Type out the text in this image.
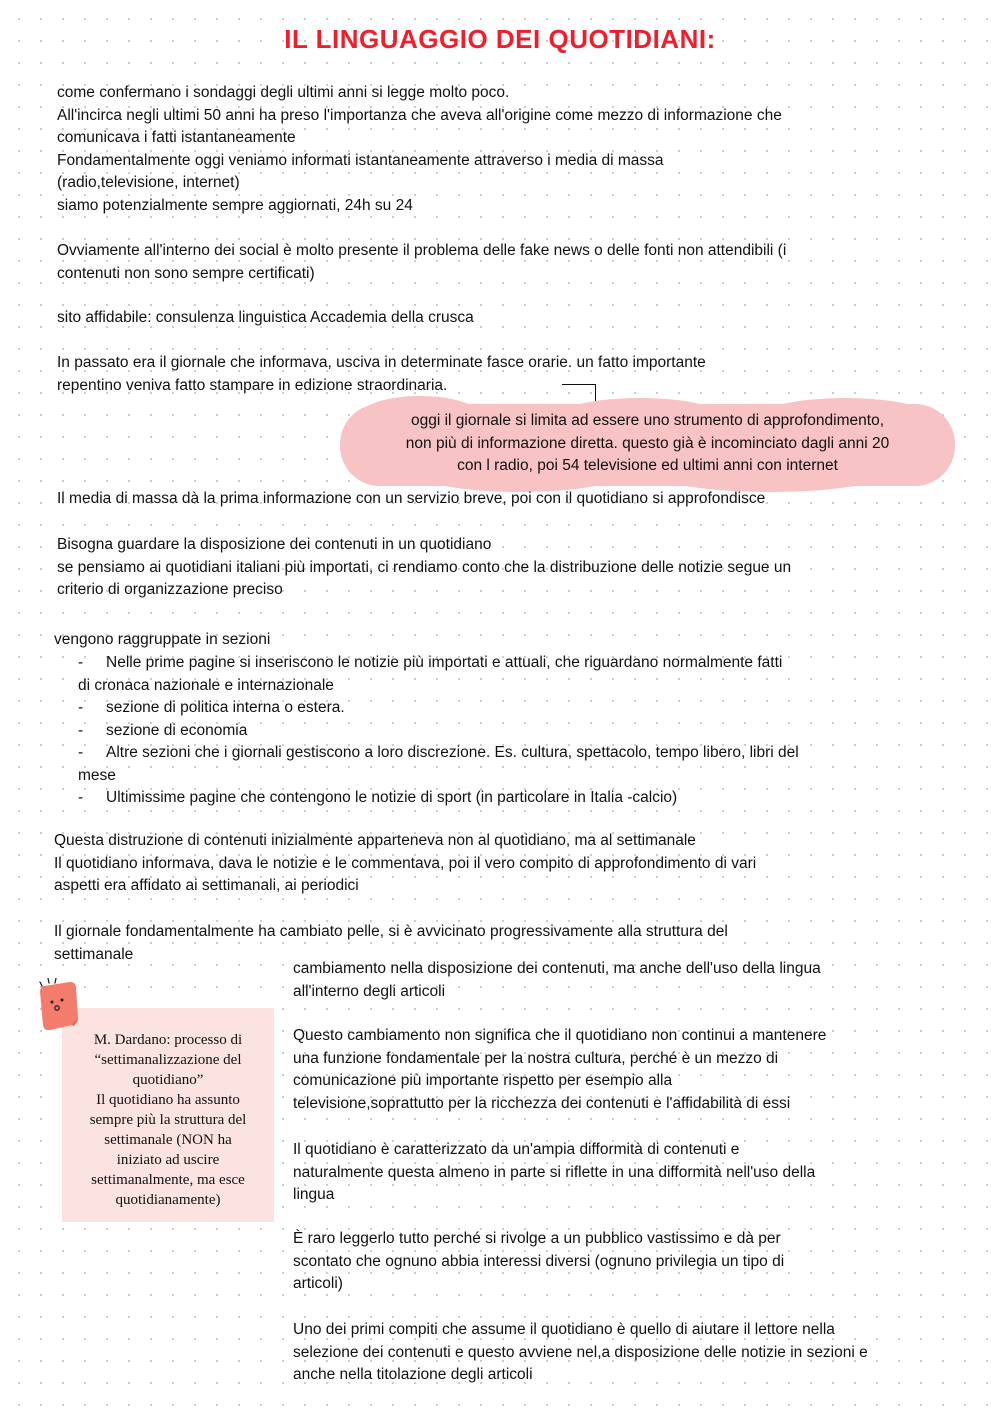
IL LINGUAGGIO DEI QUOTIDIANI:
come confermano i sondaggi degli ultimi anni si legge molto poco.
All'incirca negli ultimi 50 anni ha preso l'importanza che aveva all'origine come mezzo di informazione che
comunicava i fatti istantaneamente
Fondamentalmente oggi veniamo informati istantaneamente attraverso i media di massa
(radio,televisione, internet)
siamo potenzialmente sempre aggiornati, 24h su 24
Ovviamente all'interno dei social è molto presente il problema delle fake news o delle fonti non attendibili (i
contenuti non sono sempre certificati)
sito affidabile: consulenza linguistica Accademia della crusca
In passato era il giornale che informava, usciva in determinate fasce orarie. un fatto importante
repentino veniva fatto stampare in edizione straordinaria.
oggi il giornale si limita ad essere uno strumento di approfondimento,
non più di informazione diretta. questo già è incominciato dagli anni 20
con l radio, poi 54 televisione ed ultimi anni con internet
Il media di massa dà la prima informazione con un servizio breve, poi con il quotidiano si approfondisce
Bisogna guardare la disposizione dei contenuti in un quotidiano
se pensiamo ai quotidiani italiani più importati, ci rendiamo conto che la distribuzione delle notizie segue un
criterio di organizzazione preciso
vengono raggruppate in sezioni
- Nelle prime pagine si inseriscono le notizie più importati e attuali, che riguardano normalmente fatti
di cronaca nazionale e internazionale
- sezione di politica interna o estera.
- sezione di economia
- Altre sezioni che i giornali gestiscono a loro discrezione. Es. cultura, spettacolo, tempo libero, libri del
mese
- Ultimissime pagine che contengono le notizie di sport (in particolare in Italia -calcio)
Questa distruzione di contenuti inizialmente apparteneva non al quotidiano, ma al settimanale
Il quotidiano informava, dava le notizie e le commentava, poi il vero compito di approfondimento di vari
aspetti era affidato ai settimanali, ai periodici
Il giornale fondamentalmente ha cambiato pelle, si è avvicinato progressivamente alla struttura del
settimanale
cambiamento nella disposizione dei contenuti, ma anche dell'uso della lingua
all'interno degli articoli
Questo cambiamento non significa che il quotidiano non continui a mantenere
una funzione fondamentale per la nostra cultura, perché è un mezzo di
comunicazione più importante rispetto per esempio alla
televisione,soprattutto per la ricchezza dei contenuti e l'affidabilità di essi
Il quotidiano è caratterizzato da un'ampia difformità di contenuti e
naturalmente questa almeno in parte si riflette in una difformità nell'uso della
lingua
È raro leggerlo tutto perché si rivolge a un pubblico vastissimo e dà per
scontato che ognuno abbia interessi diversi (ognuno privilegia un tipo di
articoli)
Uno dei primi compiti che assume il quotidiano è quello di aiutare il lettore nella
selezione dei contenuti e questo avviene nel,a disposizione delle notizie in sezioni e
anche nella titolazione degli articoli
M. Dardano: processo di
“settimanalizzazione del
quotidiano”
Il quotidiano ha assunto
sempre più la struttura del
settimanale (NON ha
iniziato ad uscire
settimanalmente, ma esce
quotidianamente)
